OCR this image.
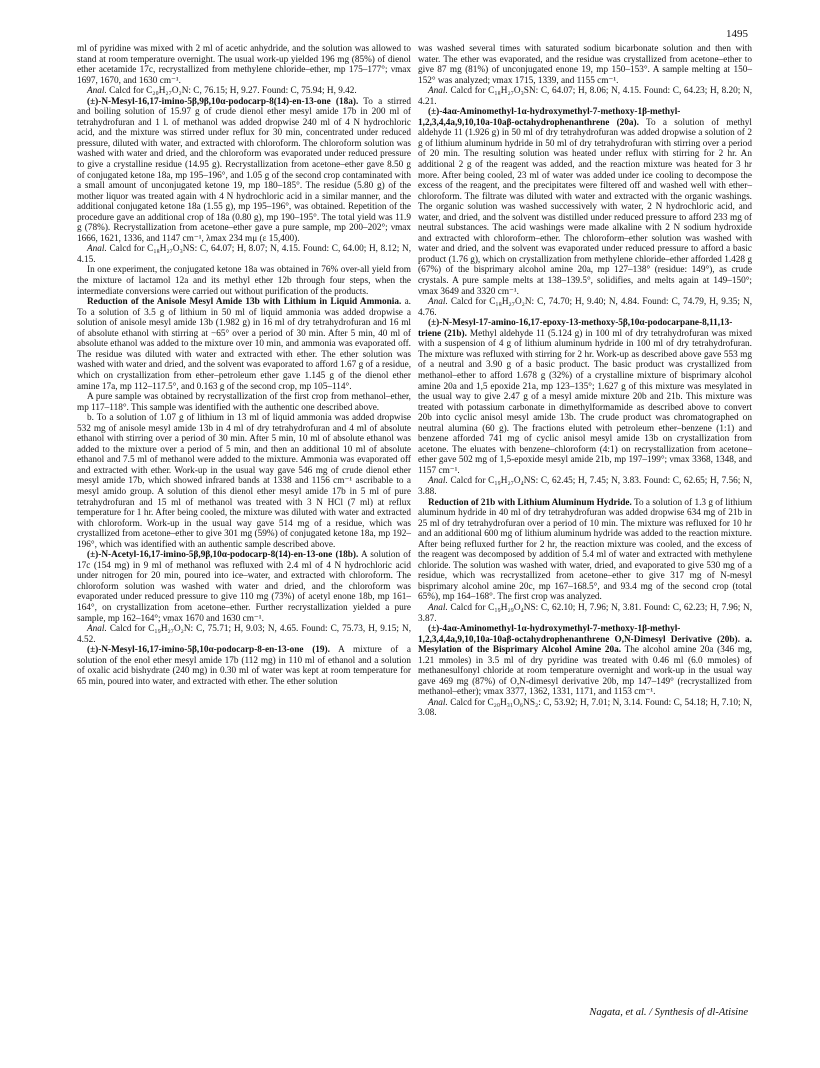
1495

ml of pyridine was mixed with 2 ml of acetic anhydride, and the solution was allowed to stand at room temperature overnight. The usual work-up yielded 196 mg (85%) of dienol ether acetamide 17c, recrystallized from methylene chloride–ether, mp 175–177°; νmax 1697, 1670, and 1630 cm⁻¹.

Anal. Calcd for C₂₀H₂₇O₂N: C, 76.15; H, 9.27. Found: C, 75.94; H, 9.42.

(±)-N-Mesyl-16,17-imino-5β,9β,10α-podocarp-8(14)-en-13-one (18a). To a stirred and boiling solution of 15.97 g of crude dienol ether mesyl amide 17b in 200 ml of tetrahydrofuran and 1 l. of methanol was added dropwise 240 ml of 4 N hydrochloric acid, and the mixture was stirred under reflux for 30 min, concentrated under reduced pressure, diluted with water, and extracted with chloroform. The chloroform solution was washed with water and dried, and the chloroform was evaporated under reduced pressure to give a crystalline residue (14.95 g). Recrystallization from acetone–ether gave 8.50 g of conjugated ketone 18a, mp 195–196°, and 1.05 g of the second crop contaminated with a small amount of unconjugated ketone 19, mp 180–185°. The residue (5.80 g) of the mother liquor was treated again with 4 N hydrochloric acid in a similar manner, and the additional conjugated ketone 18a (1.55 g), mp 195–196°, was obtained. Repetition of the procedure gave an additional crop of 18a (0.80 g), mp 190–195°. The total yield was 11.9 g (78%). Recrystallization from acetone–ether gave a pure sample, mp 200–202°; νmax 1666, 1621, 1336, and 1147 cm⁻¹, λmax 234 mμ (ε 15,400).

Anal. Calcd for C₁₈H₂₇O₃NS: C, 64.07; H, 8.07; N, 4.15. Found: C, 64.00; H, 8.12; N, 4.15.

In one experiment, the conjugated ketone 18a was obtained in 76% over-all yield from the mixture of lactamol 12a and its methyl ether 12b through four steps, when the intermediate conversions were carried out without purification of the products.

Reduction of the Anisole Mesyl Amide 13b with Lithium in Liquid Ammonia. a. To a solution of 3.5 g of lithium in 50 ml of liquid ammonia was added dropwise a solution of anisole mesyl amide 13b (1.982 g) in 16 ml of dry tetrahydrofuran and 16 ml of absolute ethanol with stirring at −65° over a period of 30 min. After 5 min, 40 ml of absolute ethanol was added to the mixture over 10 min, and ammonia was evaporated off. The residue was diluted with water and extracted with ether. The ether solution was washed with water and dried, and the solvent was evaporated to afford 1.67 g of a residue, which on crystallization from ether–petroleum ether gave 1.145 g of the dienol ether amine 17a, mp 112–117.5°, and 0.163 g of the second crop, mp 105–114°.

A pure sample was obtained by recrystallization of the first crop from methanol–ether, mp 117–118°. This sample was identified with the authentic one described above.

b. To a solution of 1.07 g of lithium in 13 ml of liquid ammonia was added dropwise 532 mg of anisole mesyl amide 13b in 4 ml of dry tetrahydrofuran and 4 ml of absolute ethanol with stirring over a period of 30 min. After 5 min, 10 ml of absolute ethanol was added to the mixture over a period of 5 min, and then an additional 10 ml of absolute ethanol and 7.5 ml of methanol were added to the mixture. Ammonia was evaporated off and extracted with ether. Work-up in the usual way gave 546 mg of crude dienol ether mesyl amide 17b, which showed infrared bands at 1338 and 1156 cm⁻¹ ascribable to a mesyl amido group. A solution of this dienol ether mesyl amide 17b in 5 ml of pure tetrahydrofuran and 15 ml of methanol was treated with 3 N HCl (7 ml) at reflux temperature for 1 hr. After being cooled, the mixture was diluted with water and extracted with chloroform. Work-up in the usual way gave 514 mg of a residue, which was crystallized from acetone–ether to give 301 mg (59%) of conjugated ketone 18a, mp 192–196°, which was identified with an authentic sample described above.

(±)-N-Acetyl-16,17-imino-5β,9β,10α-podocarp-8(14)-en-13-one (18b). A solution of 17c (154 mg) in 9 ml of methanol was refluxed with 2.4 ml of 4 N hydrochloric acid under nitrogen for 20 min, poured into ice–water, and extracted with chloroform. The chloroform solution was washed with water and dried, and the chloroform was evaporated under reduced pressure to give 110 mg (73%) of acetyl enone 18b, mp 161–164°, on crystallization from acetone–ether. Further recrystallization yielded a pure sample, mp 162–164°; νmax 1670 and 1630 cm⁻¹.

Anal. Calcd for C₁₉H₂₇O₂N: C, 75.71; H, 9.03; N, 4.65. Found: C, 75.73, H, 9.15; N, 4.52.

(±)-N-Mesyl-16,17-imino-5β,10α-podocarp-8-en-13-one (19). A mixture of a solution of the enol ether mesyl amide 17b (112 mg) in 110 ml of ethanol and a solution of oxalic acid bishydrate (240 mg) in 0.30 ml of water was kept at room temperature for 65 min, poured into water, and extracted with ether. The ether solution

was washed several times with saturated sodium bicarbonate solution and then with water. The ether was evaporated, and the residue was crystallized from acetone–ether to give 87 mg (81%) of unconjugated enone 19, mp 150–153°. A sample melting at 150–152° was analyzed; νmax 1715, 1339, and 1155 cm⁻¹.

Anal. Calcd for C₁₈H₂₇O₃SN: C, 64.07; H, 8.06; N, 4.15. Found: C, 64.23; H, 8.20; N, 4.21.

(±)-4aα-Aminomethyl-1α-hydroxymethyl-7-methoxy-1β-methyl-1,2,3,4,4a,9,10,10a-10aβ-octahydrophenanthrene (20a). To a solution of methyl aldehyde 11 (1.926 g) in 50 ml of dry tetrahydrofuran was added dropwise a solution of 2 g of lithium aluminum hydride in 50 ml of dry tetrahydrofuran with stirring over a period of 20 min. The resulting solution was heated under reflux with stirring for 2 hr. An additional 2 g of the reagent was added, and the reaction mixture was heated for 3 hr more. After being cooled, 23 ml of water was added under ice cooling to decompose the excess of the reagent, and the precipitates were filtered off and washed well with ether–chloroform. The filtrate was diluted with water and extracted with the organic washings. The organic solution was washed successively with water, 2 N hydrochloric acid, and water, and dried, and the solvent was distilled under reduced pressure to afford 233 mg of neutral substances. The acid washings were made alkaline with 2 N sodium hydroxide and extracted with chloroform–ether. The chloroform–ether solution was washed with water and dried, and the solvent was evaporated under reduced pressure to afford a basic product (1.76 g), which on crystallization from methylene chloride–ether afforded 1.428 g (67%) of the bisprimary alcohol amine 20a, mp 127–138° (residue: 149°), as crude crystals. A pure sample melts at 138–139.5°, solidifies, and melts again at 149–150°; νmax 3649 and 3320 cm⁻¹.

Anal. Calcd for C₁₈H₂₇O₂N: C, 74.70; H, 9.40; N, 4.84. Found: C, 74.79, H, 9.35; N, 4.76.

(±)-N-Mesyl-17-amino-16,17-epoxy-13-methoxy-5β,10α-podocarpane-8,11,13-triene (21b). Methyl aldehyde 11 (5.124 g) in 100 ml of dry tetrahydrofuran was mixed with a suspension of 4 g of lithium aluminum hydride in 100 ml of dry tetrahydrofuran. The mixture was refluxed with stirring for 2 hr. Work-up as described above gave 553 mg of a neutral and 3.90 g of a basic product. The basic product was crystallized from methanol–ether to afford 1.678 g (32%) of a crystalline mixture of bisprimary alcohol amine 20a and 1,5 epoxide 21a, mp 123–135°; 1.627 g of this mixture was mesylated in the usual way to give 2.47 g of a mesyl amide mixture 20b and 21b. This mixture was treated with potassium carbonate in dimethylformamide as described above to convert 20b into cyclic anisol mesyl amide 13b. The crude product was chromatographed on neutral alumina (60 g). The fractions eluted with petroleum ether–benzene (1:1) and benzene afforded 741 mg of cyclic anisol mesyl amide 13b on crystallization from acetone. The eluates with benzene–chloroform (4:1) on recrystallization from acetone–ether gave 502 mg of 1,5-epoxide mesyl amide 21b, mp 197–199°; νmax 3368, 1348, and 1157 cm⁻¹.

Anal. Calcd for C₁₉H₂₇O₄NS: C, 62.45; H, 7.45; N, 3.83. Found: C, 62.65; H, 7.56; N, 3.88.

Reduction of 21b with Lithium Aluminum Hydride. To a solution of 1.3 g of lithium aluminum hydride in 40 ml of dry tetrahydrofuran was added dropwise 634 mg of 21b in 25 ml of dry tetrahydrofuran over a period of 10 min. The mixture was refluxed for 10 hr and an additional 600 mg of lithium aluminum hydride was added to the reaction mixture. After being refluxed further for 2 hr, the reaction mixture was cooled, and the excess of the reagent was decomposed by addition of 5.4 ml of water and extracted with methylene chloride. The solution was washed with water, dried, and evaporated to give 530 mg of a residue, which was recrystallized from acetone–ether to give 317 mg of N-mesyl bisprimary alcohol amine 20c, mp 167–168.5°, and 93.4 mg of the second crop (total 65%), mp 164–168°. The first crop was analyzed.

Anal. Calcd for C₁₉H₂₉O₄NS: C, 62.10; H, 7.96; N, 3.81. Found: C, 62.23; H, 7.96; N, 3.87.

(±)-4aα-Aminomethyl-1α-hydroxymethyl-7-methoxy-1β-methyl-1,2,3,4,4a,9,10,10a-10aβ-octahydrophenanthrene O,N-Dimesyl Derivative (20b). a. Mesylation of the Bisprimary Alcohol Amine 20a. The alcohol amine 20a (346 mg, 1.21 mmoles) in 3.5 ml of dry pyridine was treated with 0.46 ml (6.0 mmoles) of methanesulfonyl chloride at room temperature overnight and work-up in the usual way gave 469 mg (87%) of O,N-dimesyl derivative 20b, mp 147–149° (recrystallized from methanol–ether); νmax 3377, 1362, 1331, 1171, and 1153 cm⁻¹.

Anal. Calcd for C₂₀H₃₁O₆NS₂: C, 53.92; H, 7.01; N, 3.14. Found: C, 54.18; H, 7.10; N, 3.08.

Nagata, et al. / Synthesis of dl-Atisine
